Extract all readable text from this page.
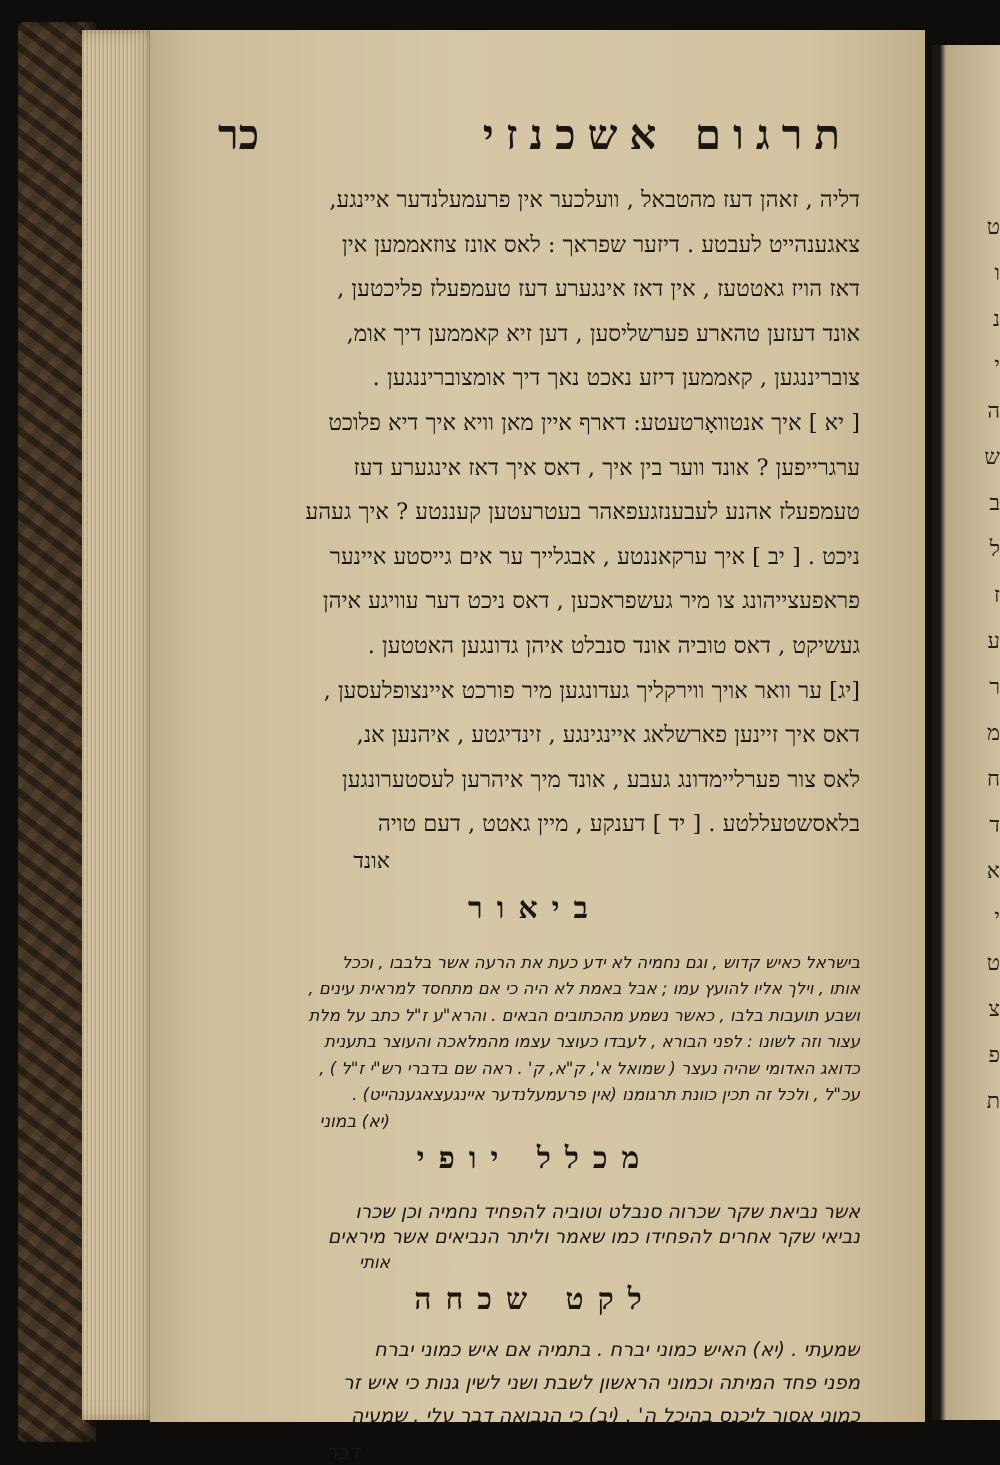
ט
ו
נ
י
ה
ש
ב
ל
ז
ע
ר
מ
ח
ד
א
י
ט
צ
פ
ת
תרגום אשכנזי
כר
דליה , זאהן דעז מהטבאל , וועלכער אין פרעמעלנדער איינגע,
צאגענהייט לעבטע . דיזער שפראך : לאס אונז צוזאממען אין
דאז הויז גאטטעז , אין דאז אינגערע דעז טעמפעלז פליכטען ,
אונד דעזען טהארע פערשליסען , דען זיא קאממען דיך אומ,
צובריננגען , קאממען דיזע נאכט נאך דיך אומצובריננגען .
[ יא ] איך אנטוואָרטעטע: דארף איין מאן וויא איך דיא פלוכט
ערגרייפען ? אונד ווער בין איך , דאס איך דאז אינגערע דעז
טעמפעלז אהנע לעבענזגעפאהר בעטרעטען קעננטע ? איך געהע
ניכט . [ יב ] איך ערקאננטע , אבגלייך ער אים גייסטע איינער
פראפעצייהונג צו מיר געשפראכען , דאס ניכט דער עוויגע איהן
געשיקט , דאס טוביה אונד סנבלט איהן גדונגען האטטען .
[יג] ער וואר אויך ווירקליך געדונגען מיר פורכט איינצופלעסען ,
דאס איך זיינען פארשלאג איינגינגע , זינדיגטע , איהנען אנ,
לאס צור פערליימדונג געבע , אונד מיך איהרען לעסטערונגען
בלאסשטעללטע . [ יד ] דענקע , מיין גאטט , דעם טויה
אונד
ביאור
בישראל כאיש קדוש , וגם נחמיה לא ידע כעת את הרעה אשר בלבבו , וככל
אותו , וילך אליו להועץ עמו ; אבל באמת לא היה כי אם מתחסד למראית עינים ,
ושבע תועבות בלבו , כאשר נשמע מהכתובים הבאים . והרא"ע ז"ל כתב על מלת
עצור וזה לשונו : לפני הבורא , לעבדו כעוצר עצמו מהמלאכה והעוצר בתענית
כדואג האדומי שהיה נעצר ( שמואל א', ק"א, ק' . ראה שם בדברי רש"י ז"ל ) ,
עכ"ל , ולכל זה תכין כוונת תרגומנו (אין פרעמעלנדער איינגעצאגענהייט) .
(יא) במוני
מכלל יופי
אשר נביאת שקר שכרוה סנבלט וטוביה להפחיד נחמיה וכן שכרו
נביאי שקר אחרים להפחידו כמו שאמר וליתר הנביאים אשר מיראים
אותי
לקט שכחה
שמעתי . (יא) האיש כמוני יברח . בתמיה אם איש כמוני יברח
מפני פחד המיתה וכמוני הראשון לשבת ושני לשין גנות כי איש זר
כמוני אסור ליכנס בהיכל ה' . (יב) כי הנבואה דבר עלי . שמעיה
דבר
